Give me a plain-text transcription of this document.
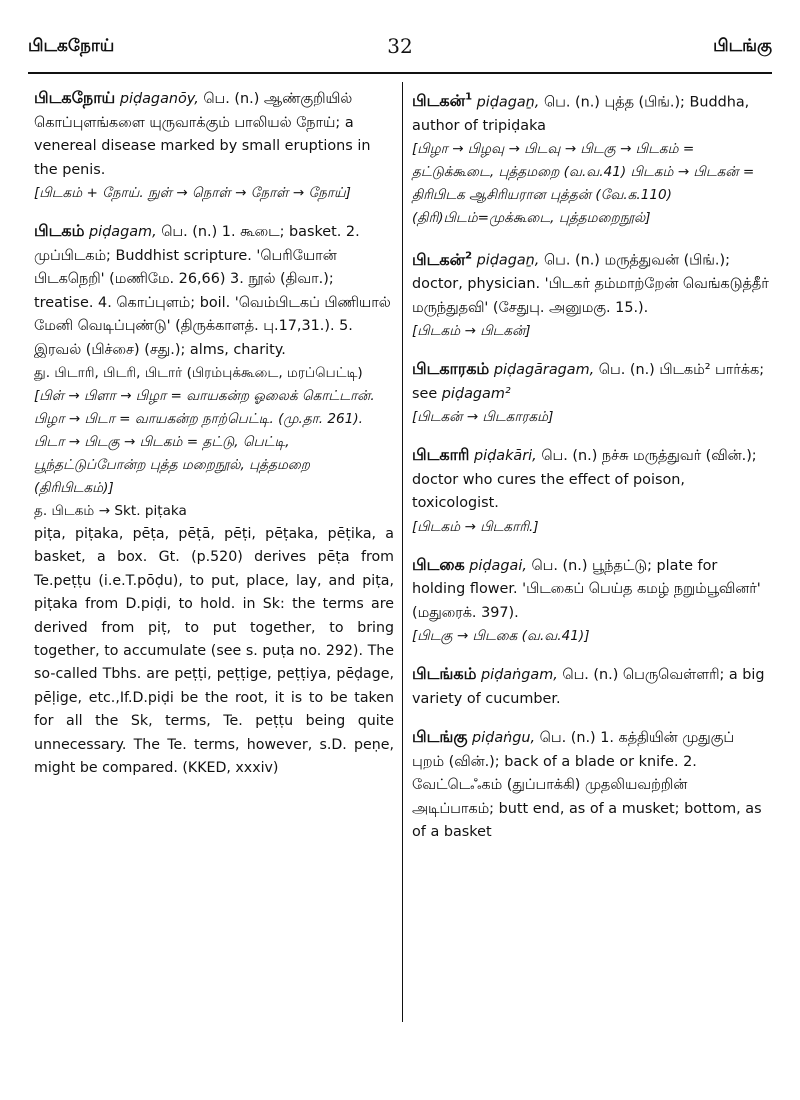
பிடகநோய்	32	பிடங்கு

பிடகநோய் piḍaganōy, பெ. (n.) ஆண்குறியில் கொப்புளங்களை யுருவாக்கும் பாலியல் நோய்; a venereal disease marked by small eruptions in the penis.

[பிடகம் + நோய். நுள் → நொள் → நோள் → நோய்]

பிடகம் piḍagam, பெ. (n.) 1. கூடை; basket. 2. முப்பிடகம்; Buddhist scripture. 'பெரியோன் பிடகநெறி' (மணிமே. 26,66) 3. நூல் (திவா.); treatise. 4. கொப்புளம்; boil. 'வெம்பிடகப் பிணியால் மேனி வெடிப்புண்டு' (திருக்காளத். பு.17,31.). 5. இரவல் (பிச்சை) (சது.); alms, charity.

து. பிடாரி, பிடரி, பிடார் (பிரம்புக்கூடை, மரப்பெட்டி)

[பிள் → பிளா → பிழா = வாயகன்ற ஓலைக் கொட்டான். பிழா → பிடா = வாயகன்ற நாற்பெட்டி. (மு.தா. 261). பிடா → பிடகு → பிடகம் = தட்டு, பெட்டி, பூந்தட்டுப்போன்ற புத்த மறைநூல், புத்தமறை (திரிபிடகம்)]

த. பிடகம் → Skt. piṭaka

piṭa, piṭaka, pēṭa, pēṭā, pēṭi, pēṭaka, pēṭika, a basket, a box. Gt. (p.520) derives pēṭa from Te.peṭṭu (i.e.T.pōḍu), to put, place, lay, and piṭa, piṭaka from D.piḍi, to hold. in Sk: the terms are derived from piṭ, to put together, to bring together, to accumulate (see s. puṭa no. 292). The so-called Tbhs. are peṭṭi, peṭṭige, peṭṭiya, pēḍage, pēḷige, etc.,If.D.piḍi be the root, it is to be taken for all the Sk, terms, Te. peṭṭu being quite unnecessary. The Te. terms, however, s.D. peṇe, might be compared. (KKED, xxxiv)

பிடகன்$^1$ piḍagaṉ, பெ. (n.) புத்த (பிங்.); Buddha, author of tripiḍaka

[பிழா → பிழவு → பிடவு → பிடகு → பிடகம் = தட்டுக்கூடை, புத்தமறை (வ.வ.41) பிடகம் → பிடகன் = திரிபிடக ஆசிரியரான புத்தன் (வே.க.110) (திரி)பிடம்=முக்கூடை, புத்தமறைநூல்]

பிடகன்$^2$ piḍagaṉ, பெ. (n.) மருத்துவன் (பிங்.); doctor, physician. 'பிடகர் தம்மாற்றேன் வெங்கடுத்தீர் மருந்துதவி' (சேதுபு. அனுமகு. 15.).

[பிடகம் → பிடகன்]

பிடகாரகம் piḍagāragam, பெ. (n.) பிடகம்² பார்க்க; see piḍagam²

[பிடகன் → பிடகாரகம்]

பிடகாரி piḍakāri, பெ. (n.) நச்சு மருத்துவர் (வின்.); doctor who cures the effect of poison, toxicologist.

[பிடகம் → பிடகாரி.]

பிடகை piḍagai, பெ. (n.) பூந்தட்டு; plate for holding flower. 'பிடகைப் பெய்த கமழ் நறும்பூவினர்' (மதுரைக். 397).

[பிடகு → பிடகை (வ.வ.41)]

பிடங்கம் piḍaṅgam, பெ. (n.) பெருவெள்ளரி; a big variety of cucumber.

பிடங்கு piḍaṅgu, பெ. (n.) 1. கத்தியின் முதுகுப் புறம் (வின்.); back of a blade or knife. 2. வேட்டெஃகம் (துப்பாக்கி) முதலியவற்றின் அடிப்பாகம்; butt end, as of a musket; bottom, as of a basket
